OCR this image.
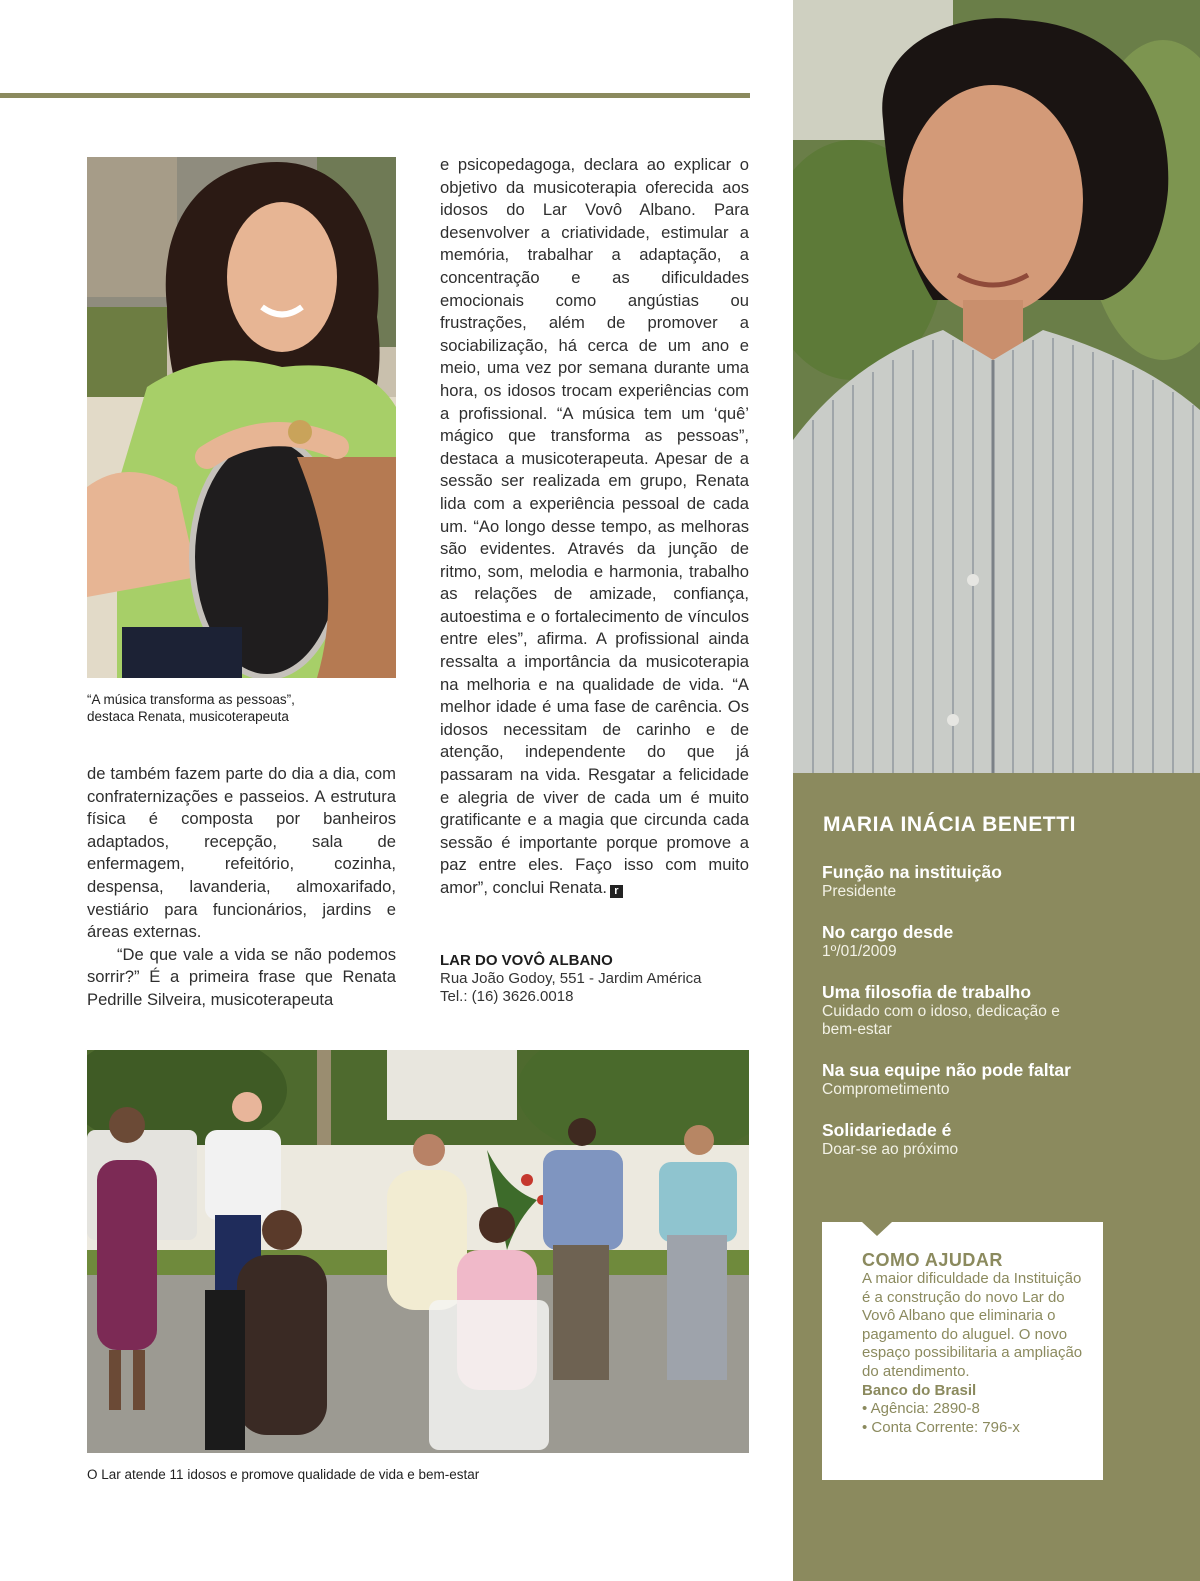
“A música transforma as pessoas”, destaca Renata, musicoterapeuta

de também fazem parte do dia a dia, com confraternizações e passeios. A estrutura física é composta por banheiros adaptados, recepção, sala de enfermagem, refeitório, cozinha, despensa, lavanderia, almoxarifado, vestiário para funcionários, jardins e áreas externas.

“De que vale a vida se não podemos sorrir?” É a primeira frase que Renata Pedrille Silveira, musicoterapeuta

e psicopedagoga, declara ao explicar o objetivo da musicoterapia oferecida aos idosos do Lar Vovô Albano. Para desenvolver a criatividade, estimular a memória, trabalhar a adaptação, a concentração e as dificuldades emocionais como angústias ou frustrações, além de promover a sociabilização, há cerca de um ano e meio, uma vez por semana durante uma hora, os idosos trocam experiências com a profissional. “A música tem um ‘quê’ mágico que transforma as pessoas”, destaca a musicoterapeuta. Apesar de a sessão ser realizada em grupo, Renata lida com a experiência pessoal de cada um. “Ao longo desse tempo, as melhoras são evidentes. Através da junção de ritmo, som, melodia e harmonia, trabalho as relações de amizade, confiança, autoestima e o fortalecimento de vínculos entre eles”, afirma. A profissional ainda ressalta a importância da musicoterapia na melhoria e na qualidade de vida. “A melhor idade é uma fase de carência. Os idosos necessitam de carinho e de atenção, independente do que já passaram na vida. Resgatar a felicidade e alegria de viver de cada um é muito gratificante e a magia que circunda cada sessão é importante porque promove a paz entre eles. Faço isso com muito amor”, conclui Renata. r

LAR DO VOVÔ ALBANO
Rua João Godoy, 551 - Jardim América
Tel.: (16) 3626.0018
O Lar atende 11 idosos e promove qualidade de vida e bem-estar
MARIA INÁCIA BENETTI
Função na instituição
Presidente
No cargo desde
1º/01/2009
Uma filosofia de trabalho
Cuidado com o idoso, dedicação e bem-estar
Na sua equipe não pode faltar
Comprometimento
Solidariedade é
Doar-se ao próximo
COMO AJUDAR
A maior dificuldade da Instituição é a construção do novo Lar do Vovô Albano que eliminaria o pagamento do aluguel. O novo espaço possibilitaria a ampliação do atendimento.
Banco do Brasil
• Agência: 2890-8
• Conta Corrente: 796-x
